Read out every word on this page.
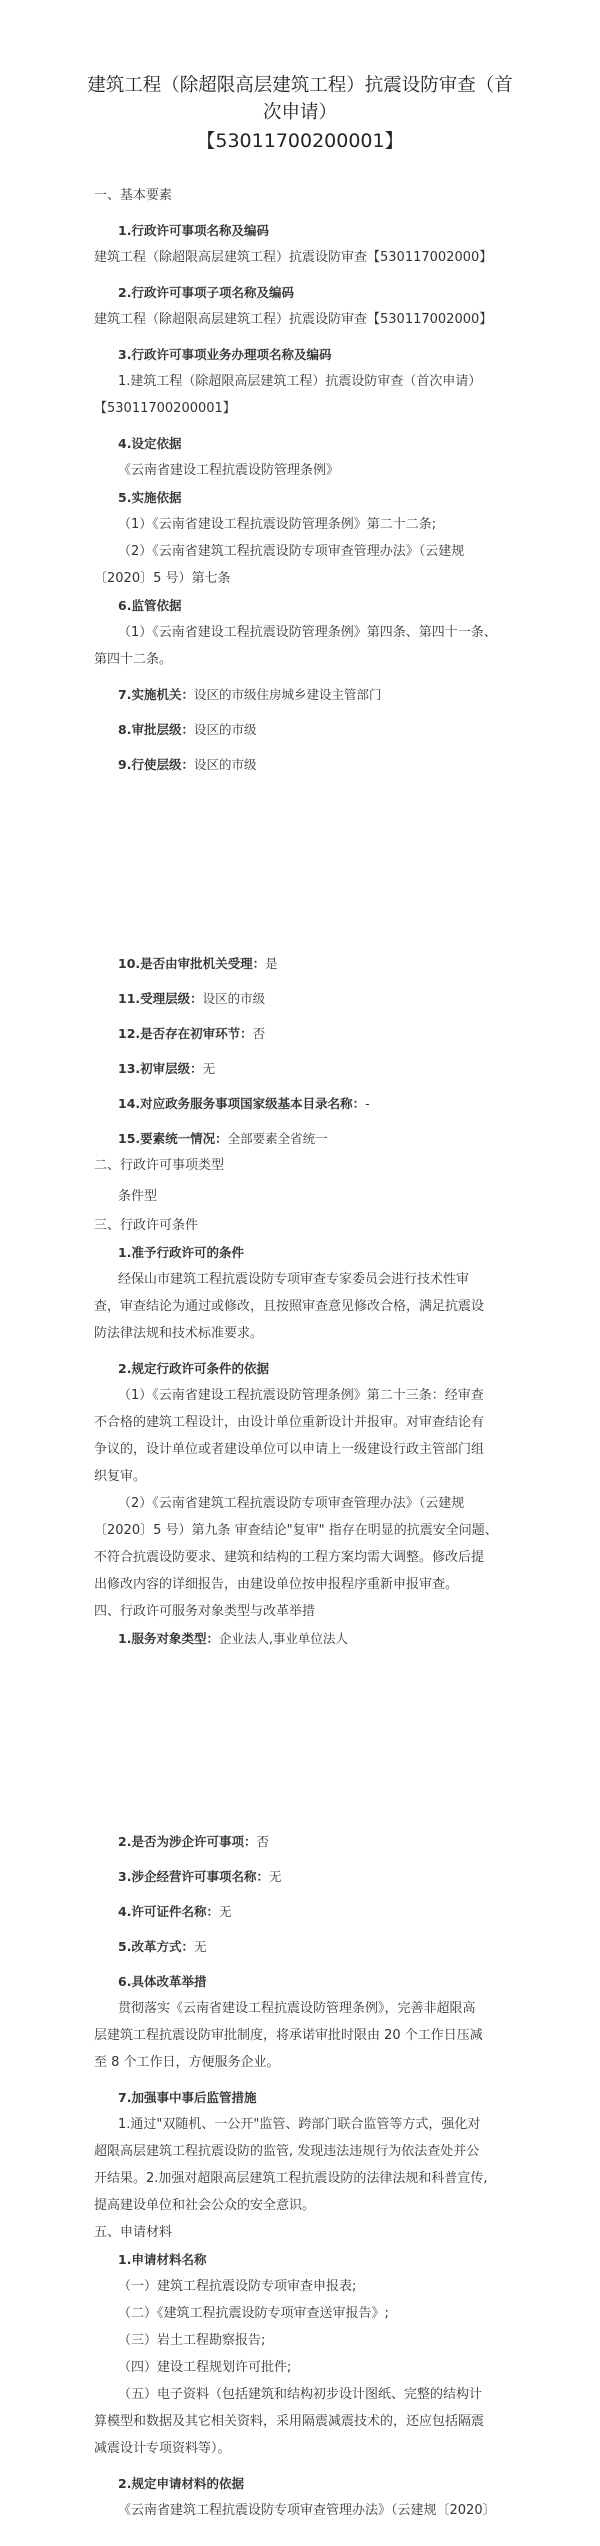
建筑工程（除超限高层建筑工程）抗震设防审查（首
次申请）
【53011700200001】
一、基本要素
1.行政许可事项名称及编码
建筑工程（除超限高层建筑工程）抗震设防审查【530117002000】
2.行政许可事项子项名称及编码
建筑工程（除超限高层建筑工程）抗震设防审查【530117002000】
3.行政许可事项业务办理项名称及编码
1.建筑工程（除超限高层建筑工程）抗震设防审查（首次申请）
【53011700200001】
4.设定依据
《云南省建设工程抗震设防管理条例》
5.实施依据
（1）《云南省建设工程抗震设防管理条例》第二十二条;
（2）《云南省建筑工程抗震设防专项审查管理办法》（云建规
〔2020〕5 号）第七条
6.监管依据
（1）《云南省建设工程抗震设防管理条例》第四条、第四十一条、
第四十二条。
7.实施机关：设区的市级住房城乡建设主管部门
8.审批层级：设区的市级
9.行使层级：设区的市级
10.是否由审批机关受理：是
11.受理层级：设区的市级
12.是否存在初审环节：否
13.初审层级：无
14.对应政务服务事项国家级基本目录名称：-
15.要素统一情况：全部要素全省统一
二、行政许可事项类型
条件型
三、行政许可条件
1.准予行政许可的条件
经保山市建筑工程抗震设防专项审查专家委员会进行技术性审
查，审查结论为通过或修改，且按照审查意见修改合格，满足抗震设
防法律法规和技术标准要求。
2.规定行政许可条件的依据
（1）《云南省建设工程抗震设防管理条例》第二十三条：经审查
不合格的建筑工程设计，由设计单位重新设计并报审。对审查结论有
争议的，设计单位或者建设单位可以申请上一级建设行政主管部门组
织复审。
（2）《云南省建筑工程抗震设防专项审查管理办法》（云建规
〔2020〕5 号）第九条 审查结论"复审" 指存在明显的抗震安全问题、
不符合抗震设防要求、建筑和结构的工程方案均需大调整。修改后提
出修改内容的详细报告，由建设单位按申报程序重新申报审查。
四、行政许可服务对象类型与改革举措
1.服务对象类型：企业法人,事业单位法人
2.是否为涉企许可事项：否
3.涉企经营许可事项名称：无
4.许可证件名称：无
5.改革方式：无
6.具体改革举措
贯彻落实《云南省建设工程抗震设防管理条例》，完善非超限高
层建筑工程抗震设防审批制度，将承诺审批时限由 20 个工作日压减
至 8 个工作日，方便服务企业。
7.加强事中事后监管措施
1.通过"双随机、一公开"监管、跨部门联合监管等方式，强化对
超限高层建筑工程抗震设防的监管, 发现违法违规行为依法查处并公
开结果。2.加强对超限高层建筑工程抗震设防的法律法规和科普宣传,
提高建设单位和社会公众的安全意识。
五、申请材料
1.申请材料名称
（一）建筑工程抗震设防专项审查申报表;
（二）《建筑工程抗震设防专项审查送审报告》;
（三）岩土工程勘察报告;
（四）建设工程规划许可批件;
（五）电子资料（包括建筑和结构初步设计图纸、完整的结构计
算模型和数据及其它相关资料，采用隔震减震技术的，还应包括隔震
减震设计专项资料等）。
2.规定申请材料的依据
《云南省建筑工程抗震设防专项审查管理办法》（云建规〔2020〕
